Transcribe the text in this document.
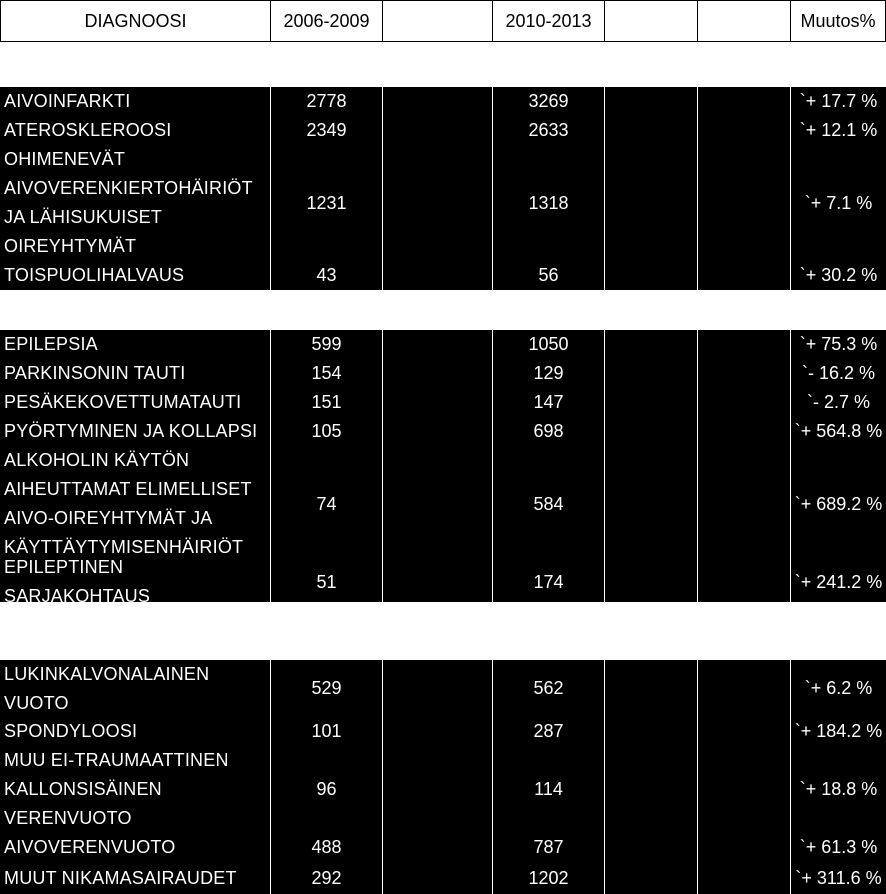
DIAGNOOSI	2006-2009	2010-2013	Muutos%
AIVOINFARKTI	2778	3269	`+ 17.7 %
ATEROSKLEROOSI	2349	2633	`+ 12.1 %
OHIMENEVÄT
AIVOVERENKIERTOHÄIRIÖT
JA LÄHISUKUISET
OIREYHTYMÄT
1231	1318	`+ 7.1 %
TOISPUOLIHALVAUS	43	56	`+ 30.2 %
EPILEPSIA	599	1050	`+ 75.3 %
PARKINSONIN TAUTI	154	129	`- 16.2 %
PESÄKEKOVETTUMATAUTI	151	147	`- 2.7 %
PYÖRTYMINEN JA KOLLAPSI	105	698	`+ 564.8 %
ALKOHOLIN KÄYTÖN
AIHEUTTAMAT ELIMELLISET
AIVO-OIREYHTYMÄT JA
KÄYTTÄYTYMISENHÄIRIÖT
74	584	`+ 689.2 %
EPILEPTINEN SARJAKOHTAUS
51	174	`+ 241.2 %
LUKINKALVONALAINEN
VUOTO
529	562	`+ 6.2 %
SPONDYLOOSI	101	287	`+ 184.2 %
MUU EI-TRAUMAATTINEN
KALLONSISÄINEN
VERENVUOTO
96	114	`+ 18.8 %
AIVOVERENVUOTO	488	787	`+ 61.3 %
MUUT NIKAMASAIRAUDET	292	1202	`+ 311.6 %
